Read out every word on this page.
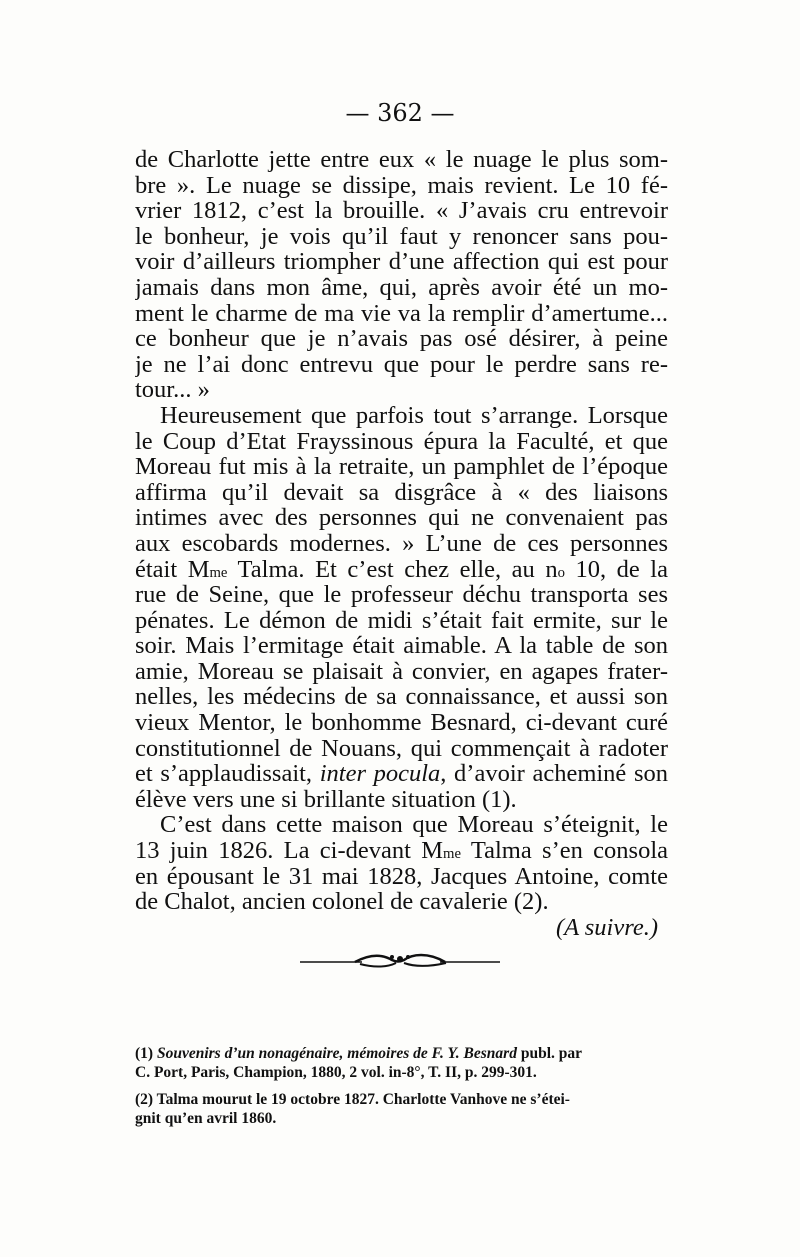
— 362 —
de Charlotte jette entre eux « le nuage le plus som-
bre ». Le nuage se dissipe, mais revient. Le 10 fé-
vrier 1812, c’est la brouille. « J’avais cru entrevoir
le bonheur, je vois qu’il faut y renoncer sans pou-
voir d’ailleurs triompher d’une affection qui est pour
jamais dans mon âme, qui, après avoir été un mo-
ment le charme de ma vie va la remplir d’amertume...
ce bonheur que je n’avais pas osé désirer, à peine
je ne l’ai donc entrevu que pour le perdre sans re-
tour... »
Heureusement que parfois tout s’arrange. Lorsque
le Coup d’Etat Frayssinous épura la Faculté, et que
Moreau fut mis à la retraite, un pamphlet de l’époque
affirma qu’il devait sa disgrâce à « des liaisons
intimes avec des personnes qui ne convenaient pas
aux escobards modernes. » L’une de ces personnes
était $M^{me}$ Talma. Et c’est chez elle, au $n^o$ 10, de la
rue de Seine, que le professeur déchu transporta ses
pénates. Le démon de midi s’était fait ermite, sur le
soir. Mais l’ermitage était aimable. A la table de son
amie, Moreau se plaisait à convier, en agapes frater-
nelles, les médecins de sa connaissance, et aussi son
vieux Mentor, le bonhomme Besnard, ci-devant curé
constitutionnel de Nouans, qui commençait à radoter
et s’applaudissait, inter pocula, d’avoir acheminé son
élève vers une si brillante situation (1).
C’est dans cette maison que Moreau s’éteignit, le
13 juin 1826. La ci-devant $M^{me}$ Talma s’en consola
en épousant le 31 mai 1828, Jacques Antoine, comte
de Chalot, ancien colonel de cavalerie (2).
(A suivre.)
(1) Souvenirs d’un nonagénaire, mémoires de F. Y. Besnard publ. par
C. Port, Paris, Champion, 1880, 2 vol. in-8°, T. II, p. 299-301.
(2) Talma mourut le 19 octobre 1827. Charlotte Vanhove ne s’étei-
gnit qu’en avril 1860.
